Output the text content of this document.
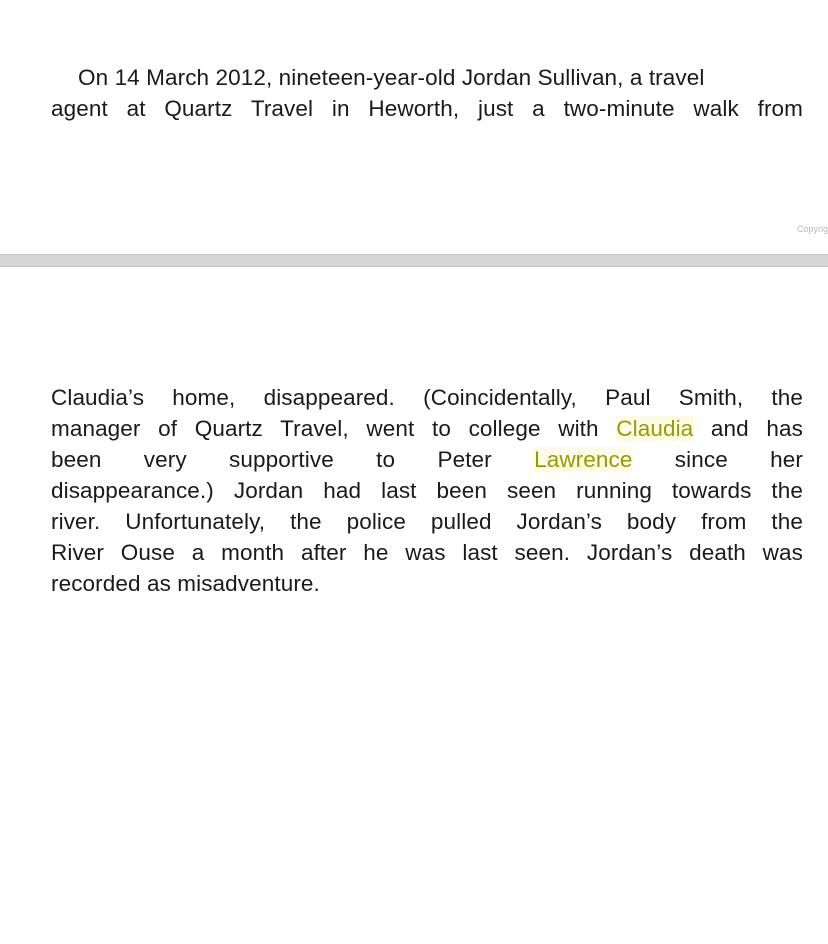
On 14 March 2012, nineteen-year-old Jordan Sullivan, a travel
agent at Quartz Travel in Heworth, just a two-minute walk from
Copyrig
Claudia’s home, disappeared. (Coincidentally, Paul Smith, the
manager of Quartz Travel, went to college with Claudia and has
been very supportive to Peter Lawrence since her
disappearance.) Jordan had last been seen running towards the
river. Unfortunately, the police pulled Jordan’s body from the
River Ouse a month after he was last seen. Jordan’s death was
recorded as misadventure.
